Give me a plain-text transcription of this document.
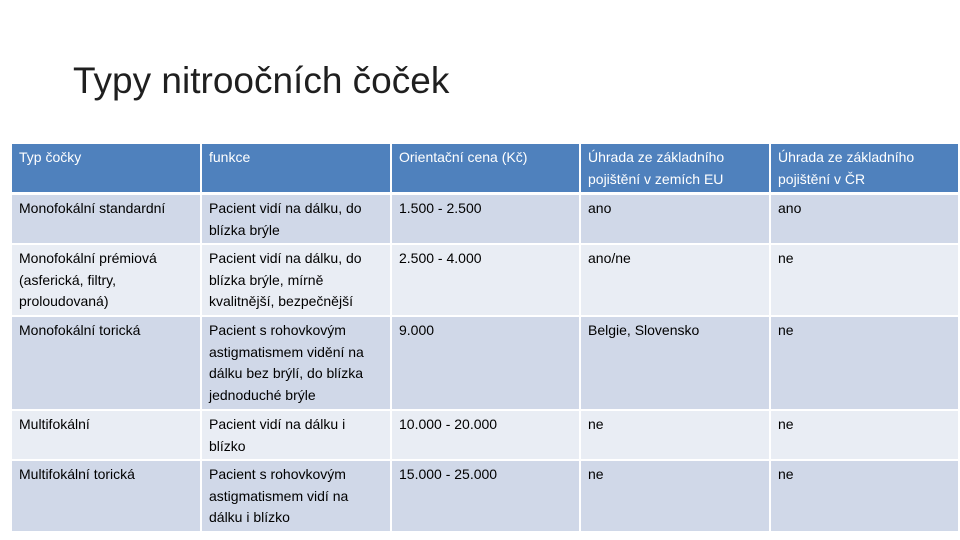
Typy nitroočních čoček
Typ čočky	funkce	Orientační cena (Kč)	Úhrada ze základního pojištění v zemích EU	Úhrada ze základního pojištění v ČR
Monofokální standardní	Pacient vidí na dálku, do blízka brýle	1.500 - 2.500	ano	ano
Monofokální prémiová (asferická, filtry, proloudovaná)	Pacient vidí na dálku, do blízka brýle, mírně kvalitnější, bezpečnější	2.500 - 4.000	ano/ne	ne
Monofokální torická	Pacient s rohovkovým astigmatismem vidění na dálku bez brýlí, do blízka jednoduché brýle	9.000	Belgie, Slovensko	ne
Multifokální	Pacient vidí na dálku i blízko	10.000 - 20.000	ne	ne
Multifokální torická	Pacient s rohovkovým astigmatismem vidí na dálku i blízko	15.000 - 25.000	ne	ne
